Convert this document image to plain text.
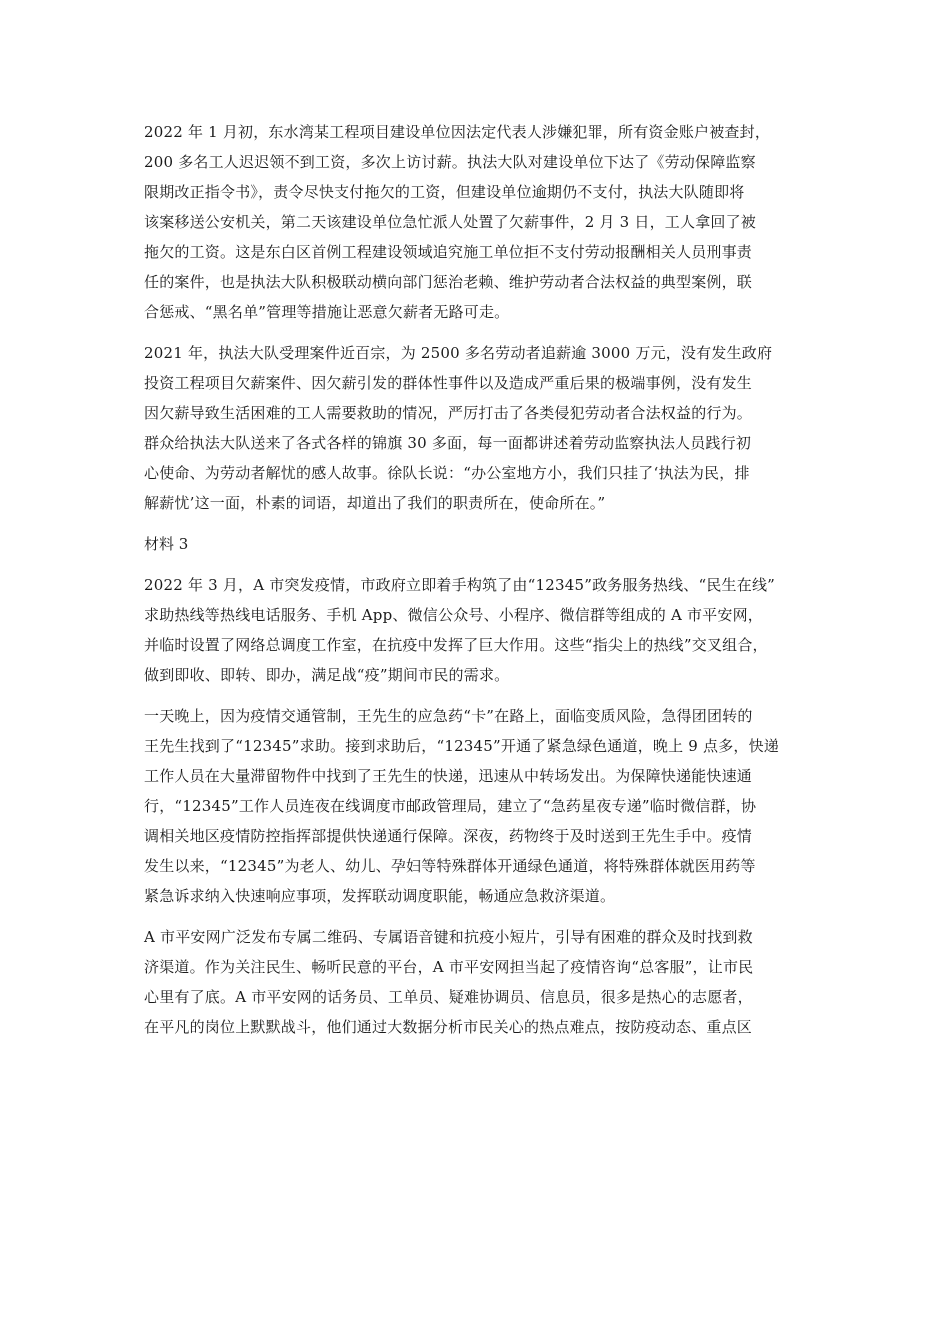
2022 年 1 月初，东水湾某工程项目建设单位因法定代表人涉嫌犯罪，所有资金账户被查封，
200 多名工人迟迟领不到工资，多次上访讨薪。执法大队对建设单位下达了《劳动保障监察
限期改正指令书》，责令尽快支付拖欠的工资，但建设单位逾期仍不支付，执法大队随即将
该案移送公安机关，第二天该建设单位急忙派人处置了欠薪事件，2 月 3 日，工人拿回了被
拖欠的工资。这是东白区首例工程建设领域追究施工单位拒不支付劳动报酬相关人员刑事责
任的案件，也是执法大队积极联动横向部门惩治老赖、维护劳动者合法权益的典型案例，联
合惩戒、“黑名单”管理等措施让恶意欠薪者无路可走。
2021 年，执法大队受理案件近百宗，为 2500 多名劳动者追薪逾 3000 万元，没有发生政府
投资工程项目欠薪案件、因欠薪引发的群体性事件以及造成严重后果的极端事例，没有发生
因欠薪导致生活困难的工人需要救助的情况，严厉打击了各类侵犯劳动者合法权益的行为。
群众给执法大队送来了各式各样的锦旗 30 多面，每一面都讲述着劳动监察执法人员践行初
心使命、为劳动者解忧的感人故事。徐队长说：“办公室地方小，我们只挂了‘执法为民，排
解薪忧’这一面，朴素的词语，却道出了我们的职责所在，使命所在。”
材料 3
2022 年 3 月，A 市突发疫情，市政府立即着手构筑了由“12345”政务服务热线、“民生在线”
求助热线等热线电话服务、手机 App、微信公众号、小程序、微信群等组成的 A 市平安网，
并临时设置了网络总调度工作室，在抗疫中发挥了巨大作用。这些“指尖上的热线”交叉组合，
做到即收、即转、即办，满足战“疫”期间市民的需求。
一天晚上，因为疫情交通管制，王先生的应急药“卡”在路上，面临变质风险，急得团团转的
王先生找到了“12345”求助。接到求助后，“12345”开通了紧急绿色通道，晚上 9 点多，快递
工作人员在大量滞留物件中找到了王先生的快递，迅速从中转场发出。为保障快递能快速通
行，“12345”工作人员连夜在线调度市邮政管理局，建立了“急药星夜专递”临时微信群，协
调相关地区疫情防控指挥部提供快递通行保障。深夜，药物终于及时送到王先生手中。疫情
发生以来，“12345”为老人、幼儿、孕妇等特殊群体开通绿色通道，将特殊群体就医用药等
紧急诉求纳入快速响应事项，发挥联动调度职能，畅通应急救济渠道。
A 市平安网广泛发布专属二维码、专属语音键和抗疫小短片，引导有困难的群众及时找到救
济渠道。作为关注民生、畅听民意的平台，A 市平安网担当起了疫情咨询“总客服”，让市民
心里有了底。A 市平安网的话务员、工单员、疑难协调员、信息员，很多是热心的志愿者，
在平凡的岗位上默默战斗，他们通过大数据分析市民关心的热点难点，按防疫动态、重点区
